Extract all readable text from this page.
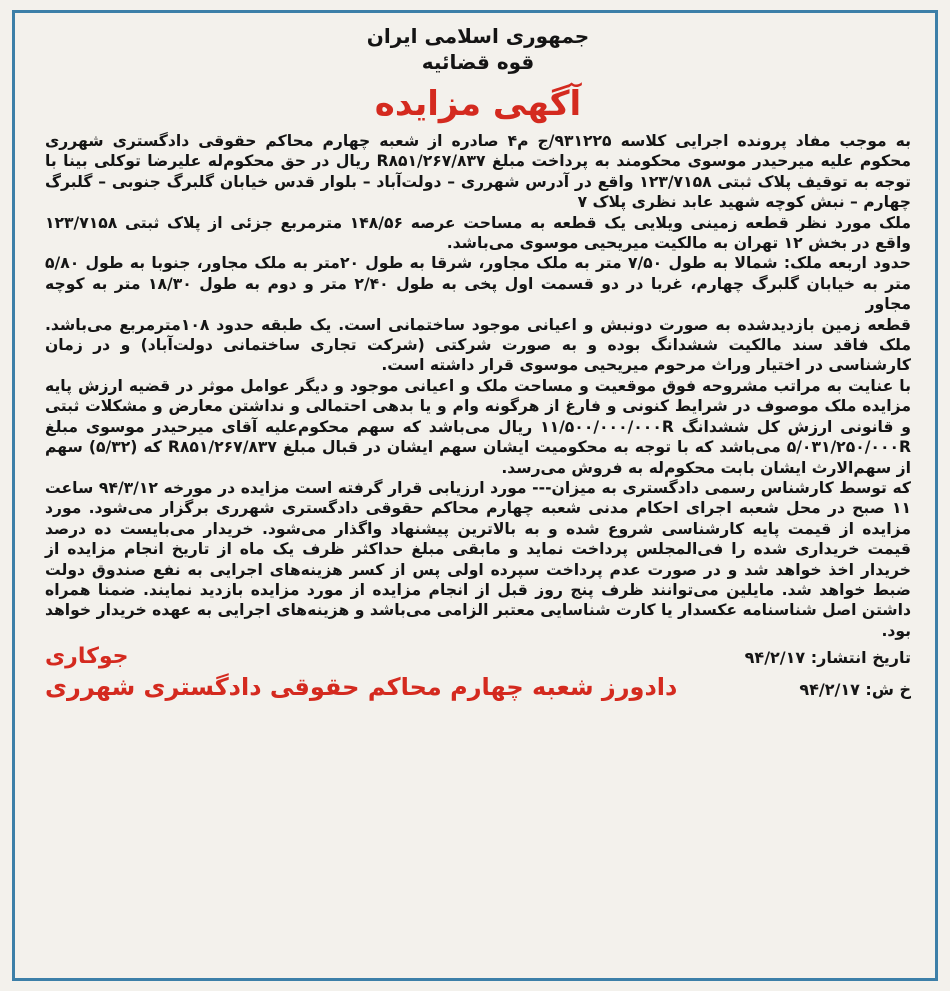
جمهوری اسلامی ایران
قوه قضائیه
آگهی مزایده

به موجب مفاد پرونده اجرایی کلاسه ۹۳۱۲۲۵/ج م۴ صادره از شعبه چهارم محاکم حقوقی دادگستری شهرری محکوم علیه میرحیدر موسوی محکومند به پرداخت مبلغ ۲۶۷/۸۳۷/R۸۵۱ ریال در حق محکوم‌له علیرضا توکلی بینا با توجه به توقیف پلاک ثبتی ۱۲۳/۷۱۵۸ واقع در آدرس شهرری – دولت‌آباد – بلوار قدس خیابان گلبرگ جنوبی – گلبرگ چهارم – نبش کوچه شهید عابد نظری پلاک ۷

ملک مورد نظر قطعه زمینی ویلایی یک قطعه به مساحت عرصه ۱۴۸/۵۶ مترمربع جزئی از پلاک ثبتی ۱۲۳/۷۱۵۸ واقع در بخش ۱۲ تهران به مالکیت میریحیی موسوی می‌باشد.

حدود اربعه ملک: شمالا به طول ۷/۵۰ متر به ملک مجاور، شرقا به طول ۲۰متر به ملک مجاور، جنوبا به طول ۵/۸۰ متر به خیابان گلبرگ چهارم، غربا در دو قسمت اول پخی به طول ۲/۴۰ متر و دوم به طول ۱۸/۳۰ متر به کوچه مجاور

قطعه زمین بازدیدشده به صورت دونبش و اعیانی موجود ساختمانی است. یک طبقه حدود ۱۰۸مترمربع می‌باشد. ملک فاقد سند مالکیت ششدانگ بوده و به صورت شرکتی (شرکت تجاری ساختمانی دولت‌آباد) و در زمان کارشناسی در اختیار وراث مرحوم میریحیی موسوی قرار داشته است.

با عنایت به مراتب مشروحه فوق موقعیت و مساحت ملک و اعیانی موجود و دیگر عوامل موثر در قضیه ارزش پایه مزایده ملک موصوف در شرایط کنونی و فارغ از هرگونه وام و یا بدهی احتمالی و نداشتن معارض و مشکلات ثبتی و قانونی ارزش کل ششدانگ ۱۱/۵۰۰/۰۰۰/۰۰۰R ریال می‌باشد که سهم محکوم‌علیه آقای میرحیدر موسوی مبلغ ۵/۰۳۱/۲۵۰/۰۰۰R می‌باشد که با توجه به محکومیت ایشان سهم ایشان در قبال مبلغ ۲۶۷/۸۳۷/R۸۵۱ که (۵/۳۲) سهم از سهم‌الارث ایشان بابت محکوم‌له به فروش می‌رسد.

که توسط کارشناس رسمی دادگستری به میزان--- مورد ارزیابی قرار گرفته است مزایده در مورخه ۹۴/۳/۱۲ ساعت ۱۱ صبح در محل شعبه اجرای احکام مدنی شعبه چهارم محاکم حقوقی دادگستری شهرری برگزار می‌شود. مورد مزایده از قیمت پایه کارشناسی شروع شده و به بالاترین پیشنهاد واگذار می‌شود. خریدار می‌بایست ده درصد قیمت خریداری شده را فی‌المجلس پرداخت نماید و مابقی مبلغ حداکثر ظرف یک ماه از تاریخ انجام مزایده از خریدار اخذ خواهد شد و در صورت عدم پرداخت سپرده اولی پس از کسر هزینه‌های اجرایی به نفع صندوق دولت ضبط خواهد شد. مایلین می‌توانند ظرف پنج روز قبل از انجام مزایده از مورد مزایده بازدید نمایند. ضمنا همراه داشتن اصل شناسنامه عکسدار یا کارت شناسایی معتبر الزامی می‌باشد و هزینه‌های اجرایی به عهده خریدار خواهد بود.

تاریخ انتشار: ۹۴/۲/۱۷
جوکاری
خ ش: ۹۴/۲/۱۷
دادورز شعبه چهارم محاکم حقوقی دادگستری شهرری
